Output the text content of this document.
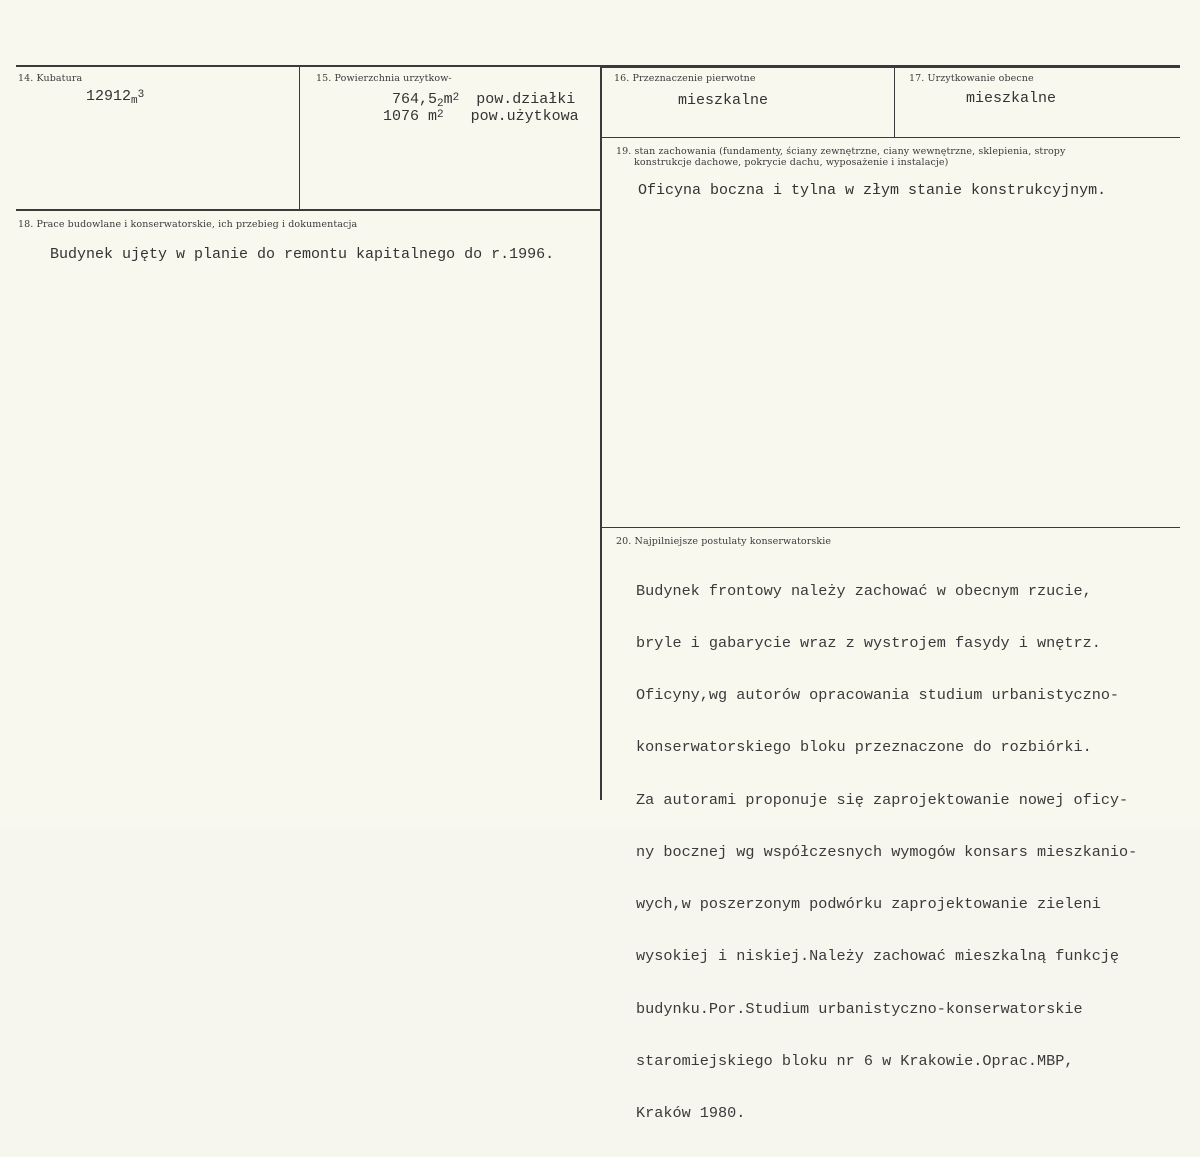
14. Kubatura
$12912_m^3$
15. Powierzchnia urzytkow-
$764,5_2m^2$ pow.działki
1076 $m^2$ pow.użytkowa
16. Przeznaczenie pierwotne
mieszkalne
17. Urzytkowanie obecne
mieszkalne
18. Prace budowlane i konserwatorskie, ich przebieg i dokumentacja
Budynek ujęty w planie do remontu kapitalnego do r.1996.
19. stan zachowania (fundamenty, ściany zewnętrzne, ciany wewnętrzne, sklepienia, stropy
konstrukcje dachowe, pokrycie dachu, wyposażenie i instalacje)
Oficyna boczna i tylna w złym stanie konstrukcyjnym.
20. Najpilniejsze postulaty konserwatorskie

Budynek frontowy należy zachować w obecnym rzucie,

bryle i gabarycie wraz z wystrojem fasydy i wnętrz.

Oficyny,wg autorów opracowania studium urbanistyczno-

konserwatorskiego bloku przeznaczone do rozbiórki.

Za autorami proponuje się zaprojektowanie nowej oficy-

ny bocznej wg współczesnych wymogów konsars mieszkanio-

wych,w poszerzonym podwórku zaprojektowanie zieleni

wysokiej i niskiej.Należy zachować mieszkalną funkcję

budynku.Por.Studium urbanistyczno-konserwatorskie

staromiejskiego bloku nr 6 w Krakowie.Oprac.MBP,

Kraków 1980.
